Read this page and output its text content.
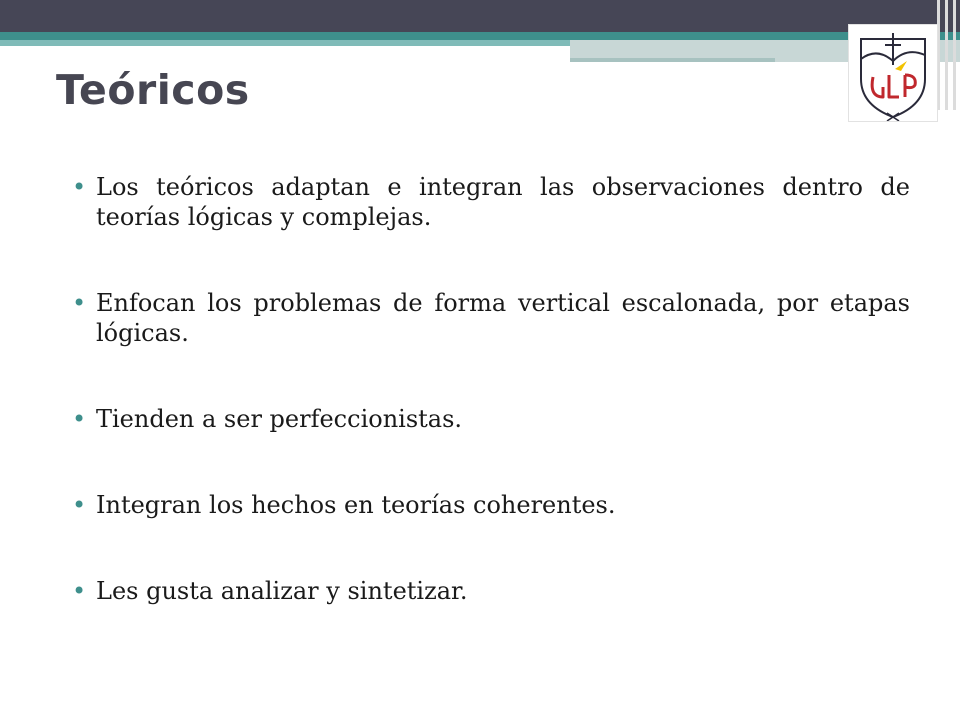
Teóricos
• Los teóricos adaptan e integran las observaciones dentro de teorías lógicas y complejas.
• Enfocan los problemas de forma vertical escalonada, por etapas lógicas.
• Tienden a ser perfeccionistas.
• Integran los hechos en teorías coherentes.
• Les gusta analizar y sintetizar.
